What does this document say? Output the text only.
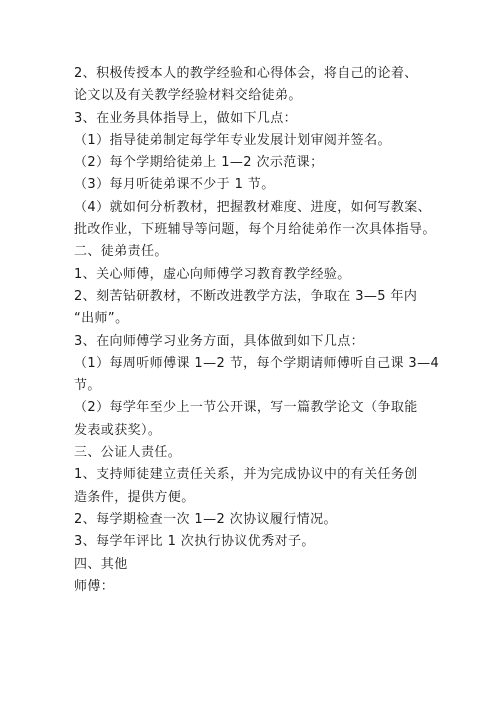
2、积极传授本人的教学经验和心得体会，将自己的论着、
论文以及有关教学经验材料交给徒弟。
3、在业务具体指导上，做如下几点：
（1）指导徒弟制定每学年专业发展计划审阅并签名。
（2）每个学期给徒弟上 1—2 次示范课；
（3）每月听徒弟课不少于 1 节。
（4）就如何分析教材，把握教材难度、进度，如何写教案、
批改作业，下班辅导等问题，每个月给徒弟作一次具体指导。
二、徒弟责任。
1、关心师傅，虚心向师傅学习教育教学经验。
2、刻苦钻研教材，不断改进教学方法，争取在 3—5 年内
“出师”。
3、在向师傅学习业务方面，具体做到如下几点：
（1）每周听师傅课 1—2 节，每个学期请师傅听自己课 3—4
节。
（2）每学年至少上一节公开课，写一篇教学论文（争取能
发表或获奖）。
三、公证人责任。
1、支持师徒建立责任关系，并为完成协议中的有关任务创
造条件，提供方便。
2、每学期检查一次 1—2 次协议履行情况。
3、每学年评比 1 次执行协议优秀对子。
四、其他
师傅：
